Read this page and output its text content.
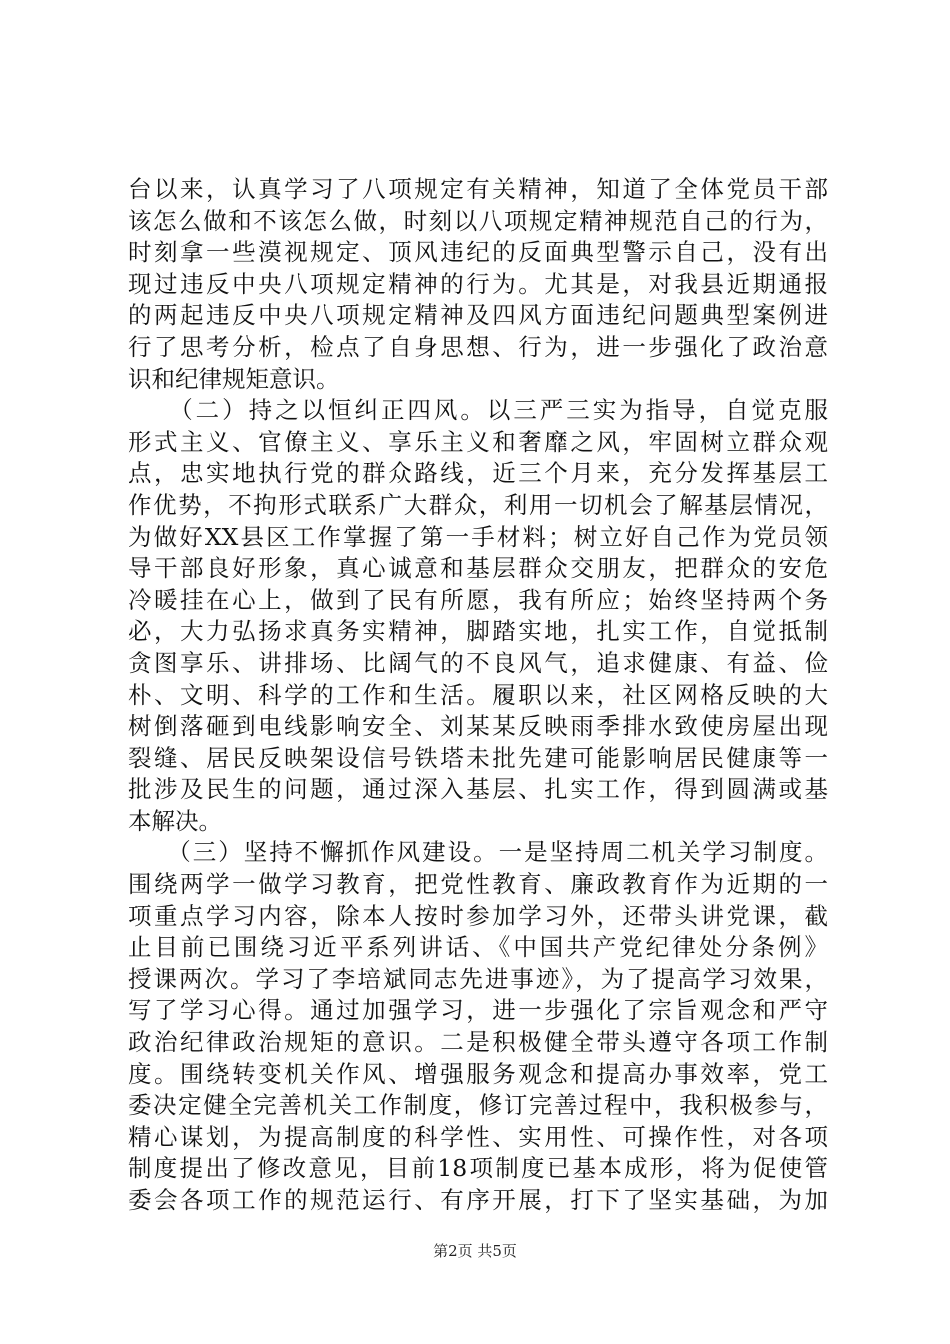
台以来，认真学习了八项规定有关精神，知道了全体党员干部
该怎么做和不该怎么做，时刻以八项规定精神规范自己的行为，
时刻拿一些漠视规定、顶风违纪的反面典型警示自己，没有出
现过违反中央八项规定精神的行为。尤其是，对我县近期通报
的两起违反中央八项规定精神及四风方面违纪问题典型案例进
行了思考分析，检点了自身思想、行为，进一步强化了政治意
识和纪律规矩意识。
　　（二）持之以恒纠正四风。以三严三实为指导，自觉克服
形式主义、官僚主义、享乐主义和奢靡之风，牢固树立群众观
点，忠实地执行党的群众路线，近三个月来，充分发挥基层工
作优势，不拘形式联系广大群众，利用一切机会了解基层情况，
为做好XX县区工作掌握了第一手材料；树立好自己作为党员领
导干部良好形象，真心诚意和基层群众交朋友，把群众的安危
冷暖挂在心上，做到了民有所愿，我有所应；始终坚持两个务
必，大力弘扬求真务实精神，脚踏实地，扎实工作，自觉抵制
贪图享乐、讲排场、比阔气的不良风气，追求健康、有益、俭
朴、文明、科学的工作和生活。履职以来，社区网格反映的大
树倒落砸到电线影响安全、刘某某反映雨季排水致使房屋出现
裂缝、居民反映架设信号铁塔未批先建可能影响居民健康等一
批涉及民生的问题，通过深入基层、扎实工作，得到圆满或基
本解决。
　　（三）坚持不懈抓作风建设。一是坚持周二机关学习制度。
围绕两学一做学习教育，把党性教育、廉政教育作为近期的一
项重点学习内容，除本人按时参加学习外，还带头讲党课，截
止目前已围绕习近平系列讲话、《中国共产党纪律处分条例》
授课两次。学习了李培斌同志先进事迹》，为了提高学习效果，
写了学习心得。通过加强学习，进一步强化了宗旨观念和严守
政治纪律政治规矩的意识。二是积极健全带头遵守各项工作制
度。围绕转变机关作风、增强服务观念和提高办事效率，党工
委决定健全完善机关工作制度，修订完善过程中，我积极参与，
精心谋划，为提高制度的科学性、实用性、可操作性，对各项
制度提出了修改意见，目前18项制度已基本成形，将为促使管
委会各项工作的规范运行、有序开展，打下了坚实基础，为加
第2页 共5页
